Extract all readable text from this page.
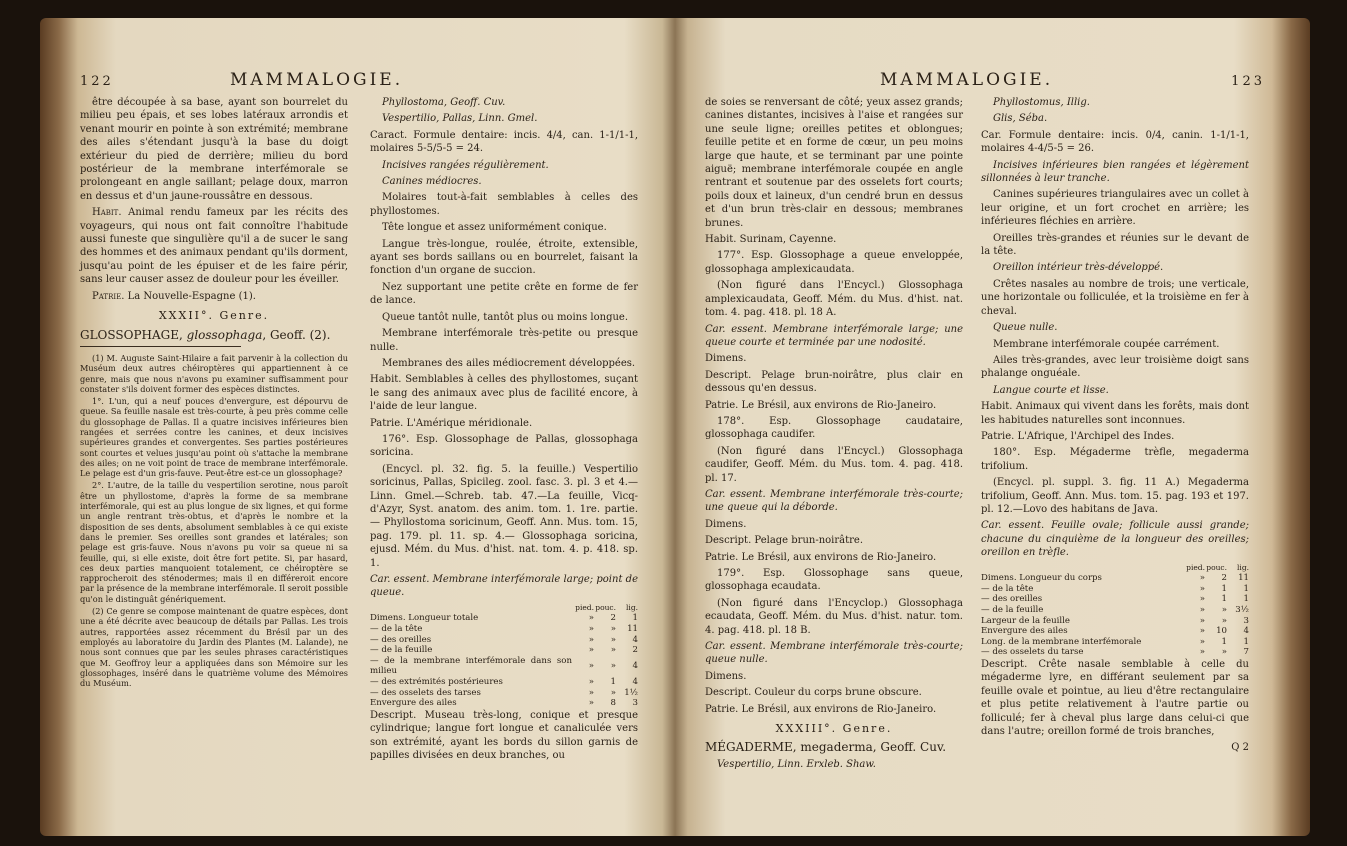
122	MAMMALOGIE.

être découpée à sa base, ayant son bourrelet du milieu peu épais, et ses lobes latéraux arrondis et venant mourir en pointe à son extrémité; membrane des ailes s'étendant jusqu'à la base du doigt extérieur du pied de derrière; milieu du bord postérieur de la membrane interfémorale se prolongeant en angle saillant; pelage doux, marron en dessus et d'un jaune-roussâtre en dessous.

Habit. Animal rendu fameux par les récits des voyageurs, qui nous ont fait connoître l'habitude aussi funeste que singulière qu'il a de sucer le sang des hommes et des animaux pendant qu'ils dorment, jusqu'au point de les épuiser et de les faire périr, sans leur causer assez de douleur pour les éveiller.

Patrie. La Nouvelle-Espagne (1).

XXXII°. Genre.

GLOSSOPHAGE, glossophaga, Geoff. (2).

(1) M. Auguste Saint-Hilaire a fait parvenir à la collection du Muséum deux autres chéiroptères qui appartiennent à ce genre, mais que nous n'avons pu examiner suffisamment pour constater s'ils doivent former des espèces distinctes.

1°. L'un, qui a neuf pouces d'envergure, est dépourvu de queue. Sa feuille nasale est très-courte, à peu près comme celle du glossophage de Pallas. Il a quatre incisives inférieures bien rangées et serrées contre les canines, et deux incisives supérieures grandes et convergentes. Ses parties postérieures sont courtes et velues jusqu'au point où s'attache la membrane des ailes; on ne voit point de trace de membrane interfémorale. Le pelage est d'un gris-fauve. Peut-être est-ce un glossophage?

2°. L'autre, de la taille du vespertilion serotine, nous paroît être un phyllostome, d'après la forme de sa membrane interfémorale, qui est au plus longue de six lignes, et qui forme un angle rentrant très-obtus, et d'après le nombre et la disposition de ses dents, absolument semblables à ce qui existe dans le premier. Ses oreilles sont grandes et latérales; son pelage est gris-fauve. Nous n'avons pu voir sa queue ni sa feuille, qui, si elle existe, doit être fort petite. Si, par hasard, ces deux parties manquoient totalement, ce chéiroptère se rapprocheroit des sténodermes; mais il en différeroit encore par la présence de la membrane interfémorale. Il seroit possible qu'on le distinguât génériquement.

(2) Ce genre se compose maintenant de quatre espèces, dont une a été décrite avec beaucoup de détails par Pallas. Les trois autres, rapportées assez récemment du Brésil par un des employés au laboratoire du Jardin des Plantes (M. Lalande), ne nous sont connues que par les seules phrases caractéristiques que M. Geoffroy leur a appliquées dans son Mémoire sur les glossophages, inséré dans le quatrième volume des Mémoires du Muséum.

Phyllostoma, Geoff. Cuv.

Vespertilio, Pallas, Linn. Gmel.

Caract. Formule dentaire: incis. 4/4, can. 1-1/1-1, molaires 5-5/5-5 = 24.

Incisives rangées régulièrement.

Canines médiocres.

Molaires tout-à-fait semblables à celles des phyllostomes.

Tête longue et assez uniformément conique.

Langue très-longue, roulée, étroite, extensible, ayant ses bords saillans ou en bourrelet, faisant la fonction d'un organe de succion.

Nez supportant une petite crête en forme de fer de lance.

Queue tantôt nulle, tantôt plus ou moins longue.

Membrane interfémorale très-petite ou presque nulle.

Membranes des ailes médiocrement développées.

Habit. Semblables à celles des phyllostomes, suçant le sang des animaux avec plus de facilité encore, à l'aide de leur langue.

Patrie. L'Amérique méridionale.

176°. Esp. Glossophage de Pallas, glossophaga soricina.

(Encycl. pl. 32. fig. 5. la feuille.) Vespertilio soricinus, Pallas, Spicileg. zool. fasc. 3. pl. 3 et 4.—Linn. Gmel.—Schreb. tab. 47.—La feuille, Vicq-d'Azyr, Syst. anatom. des anim. tom. 1. 1re. partie. — Phyllostoma soricinum, Geoff. Ann. Mus. tom. 15, pag. 179. pl. 11. sp. 4.— Glossophaga soricina, ejusd. Mém. du Mus. d'hist. nat. tom. 4. p. 418. sp. 1.

Car. essent. Membrane interfémorale large; point de queue.

	pied.	pouc.	lig.
Dimens. Longueur totale	»	2	1
— de la tête	»	»	11
— des oreilles	»	»	4
— de la feuille	»	»	2
— de la membrane interfémorale dans son milieu	»	»	4
— des extrémités postérieures	»	1	4
— des osselets des tarses	»	»	1½
Envergure des ailes	»	8	3

Descript. Museau très-long, conique et presque cylindrique; langue fort longue et canaliculée vers son extrémité, ayant les bords du sillon garnis de papilles divisées en deux branches, ou

MAMMALOGIE.	123

de soies se renversant de côté; yeux assez grands; canines distantes, incisives à l'aise et rangées sur une seule ligne; oreilles petites et oblongues; feuille petite et en forme de cœur, un peu moins large que haute, et se terminant par une pointe aiguë; membrane interfémorale coupée en angle rentrant et soutenue par des osselets fort courts; poils doux et laineux, d'un cendré brun en dessus et d'un brun très-clair en dessous; membranes brunes.

Habit. Surinam, Cayenne.

177°. Esp. Glossophage a queue enveloppée, glossophaga amplexicaudata.

(Non figuré dans l'Encycl.) Glossophaga amplexicaudata, Geoff. Mém. du Mus. d'hist. nat. tom. 4. pag. 418. pl. 18 A.

Car. essent. Membrane interfémorale large; une queue courte et terminée par une nodosité.

Dimens.

Descript. Pelage brun-noirâtre, plus clair en dessous qu'en dessus.

Patrie. Le Brésil, aux environs de Rio-Janeiro.

178°. Esp. Glossophage caudataire, glossophaga caudifer.

(Non figuré dans l'Encycl.) Glossophaga caudifer, Geoff. Mém. du Mus. tom. 4. pag. 418. pl. 17.

Car. essent. Membrane interfémorale très-courte; une queue qui la déborde.

Dimens.

Descript. Pelage brun-noirâtre.

Patrie. Le Brésil, aux environs de Rio-Janeiro.

179°. Esp. Glossophage sans queue, glossophaga ecaudata.

(Non figuré dans l'Encyclop.) Glossophaga ecaudata, Geoff. Mém. du Mus. d'hist. natur. tom. 4. pag. 418. pl. 18 B.

Car. essent. Membrane interfémorale très-courte; queue nulle.

Dimens.

Descript. Couleur du corps brune obscure.

Patrie. Le Brésil, aux environs de Rio-Janeiro.

XXXIII°. Genre.

MÉGADERME, megaderma, Geoff. Cuv.

Vespertilio, Linn. Erxleb. Shaw.

Phyllostomus, Illig.

Glis, Séba.

Car. Formule dentaire: incis. 0/4, canin. 1-1/1-1, molaires 4-4/5-5 = 26.

Incisives inférieures bien rangées et légèrement sillonnées à leur tranche.

Canines supérieures triangulaires avec un collet à leur origine, et un fort crochet en arrière; les inférieures fléchies en arrière.

Oreilles très-grandes et réunies sur le devant de la tête.

Oreillon intérieur très-développé.

Crêtes nasales au nombre de trois; une verticale, une horizontale ou folliculée, et la troisième en fer à cheval.

Queue nulle.

Membrane interfémorale coupée carrément.

Ailes très-grandes, avec leur troisième doigt sans phalange onguéale.

Langue courte et lisse.

Habit. Animaux qui vivent dans les forêts, mais dont les habitudes naturelles sont inconnues.

Patrie. L'Afrique, l'Archipel des Indes.

180°. Esp. Mégaderme trèfle, megaderma trifolium.

(Encycl. pl. suppl. 3. fig. 11 A.) Megaderma trifolium, Geoff. Ann. Mus. tom. 15. pag. 193 et 197. pl. 12.—Lovo des habitans de Java.

Car. essent. Feuille ovale; follicule aussi grande; chacune du cinquième de la longueur des oreilles; oreillon en trèfle.

	pied.	pouc.	lig.
Dimens. Longueur du corps	»	2	11
— de la tête	»	1	1
— des oreilles	»	1	1
— de la feuille	»	»	3½
Largeur de la feuille	»	»	3
Envergure des ailes	»	10	4
Long. de la membrane interfémorale	»	1	1
— des osselets du tarse	»	»	7

Descript. Crête nasale semblable à celle du mégaderme lyre, en différant seulement par sa feuille ovale et pointue, au lieu d'être rectangulaire et plus petite relativement à l'autre partie ou folliculé; fer à cheval plus large dans celui-ci que dans l'autre; oreillon formé de trois branches,

Q 2
